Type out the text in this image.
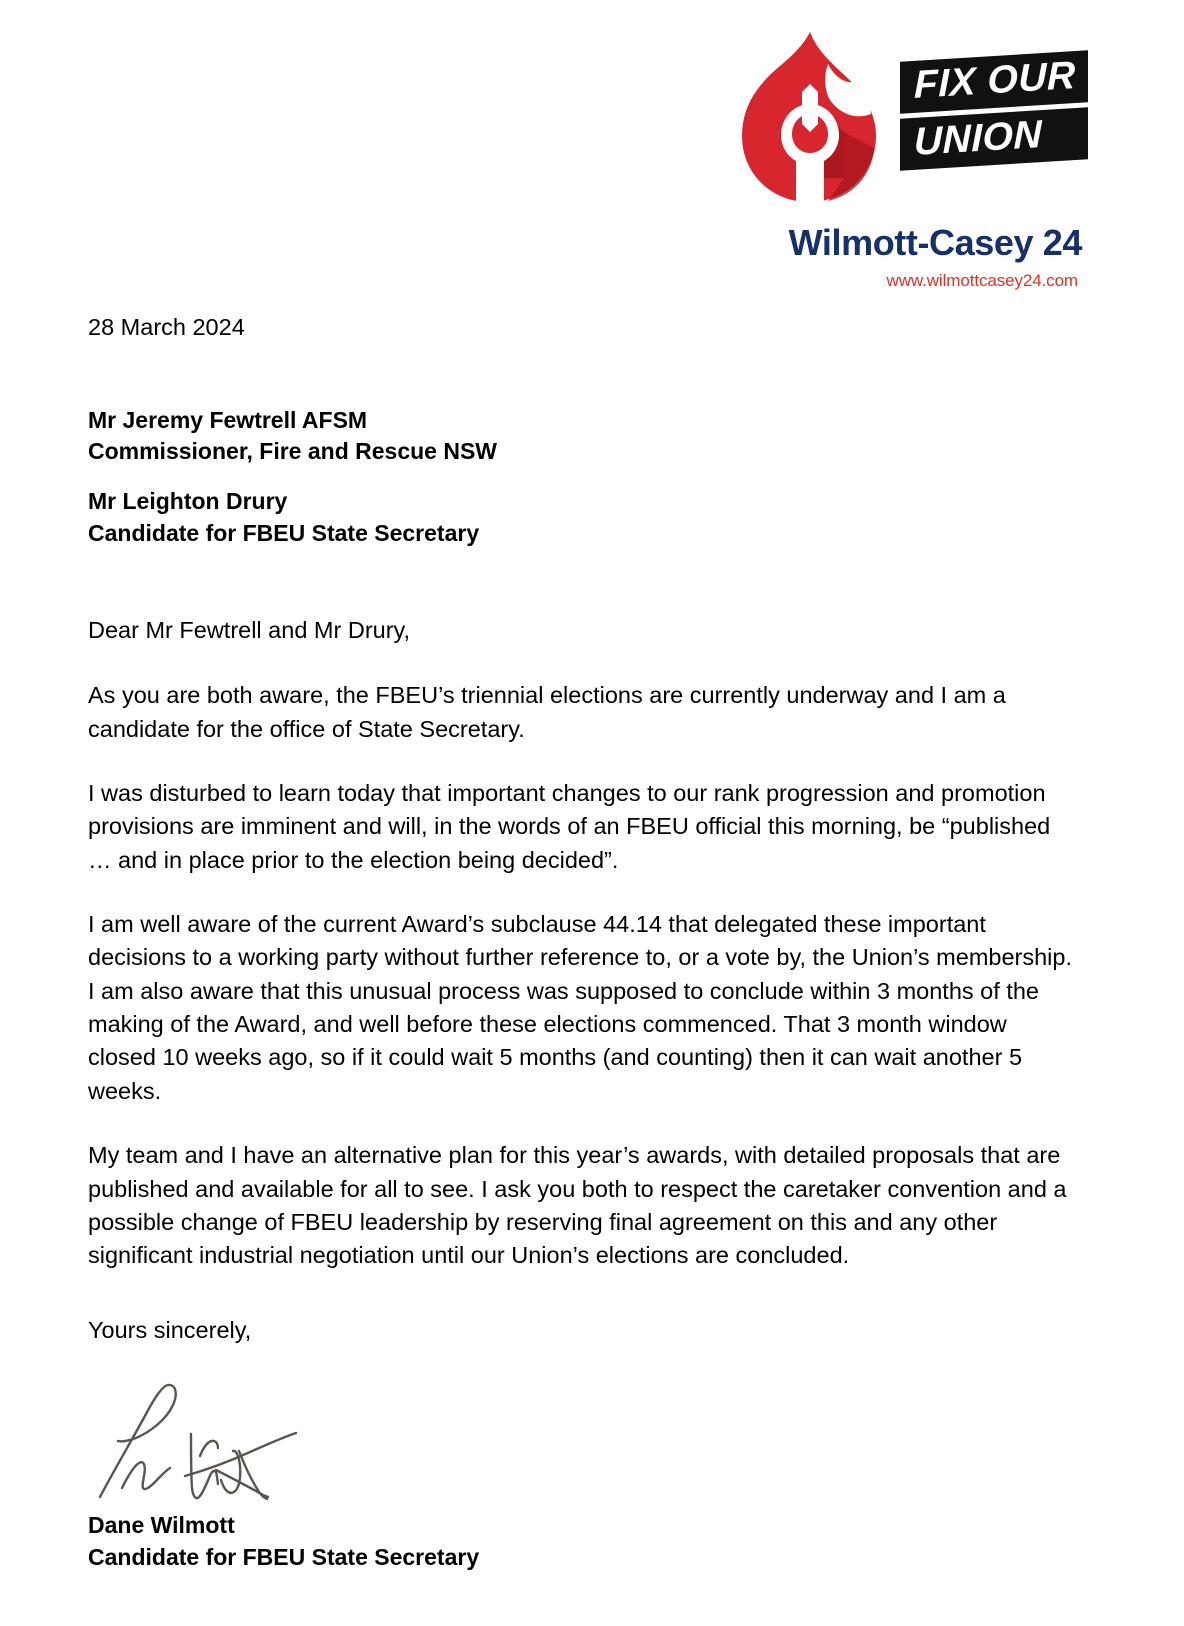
FIX OUR
UNION
Wilmott-Casey 24
www.wilmottcasey24.com
28 March 2024
Mr Jeremy Fewtrell AFSM
Commissioner, Fire and Rescue NSW
Mr Leighton Drury
Candidate for FBEU State Secretary
Dear Mr Fewtrell and Mr Drury,

As you are both aware, the FBEU’s triennial elections are currently underway and I am a candidate for the office of State Secretary.

I was disturbed to learn today that important changes to our rank progression and promotion provisions are imminent and will, in the words of an FBEU official this morning, be “published … and in place prior to the election being decided”.

I am well aware of the current Award’s subclause 44.14 that delegated these important decisions to a working party without further reference to, or a vote by, the Union’s membership. I am also aware that this unusual process was supposed to conclude within 3 months of the making of the Award, and well before these elections commenced. That 3 month window closed 10 weeks ago, so if it could wait 5 months (and counting) then it can wait another 5 weeks.

My team and I have an alternative plan for this year’s awards, with detailed proposals that are published and available for all to see. I ask you both to respect the caretaker convention and a possible change of FBEU leadership by reserving final agreement on this and any other significant industrial negotiation until our Union’s elections are concluded.

Yours sincerely,
Dane Wilmott
Candidate for FBEU State Secretary
